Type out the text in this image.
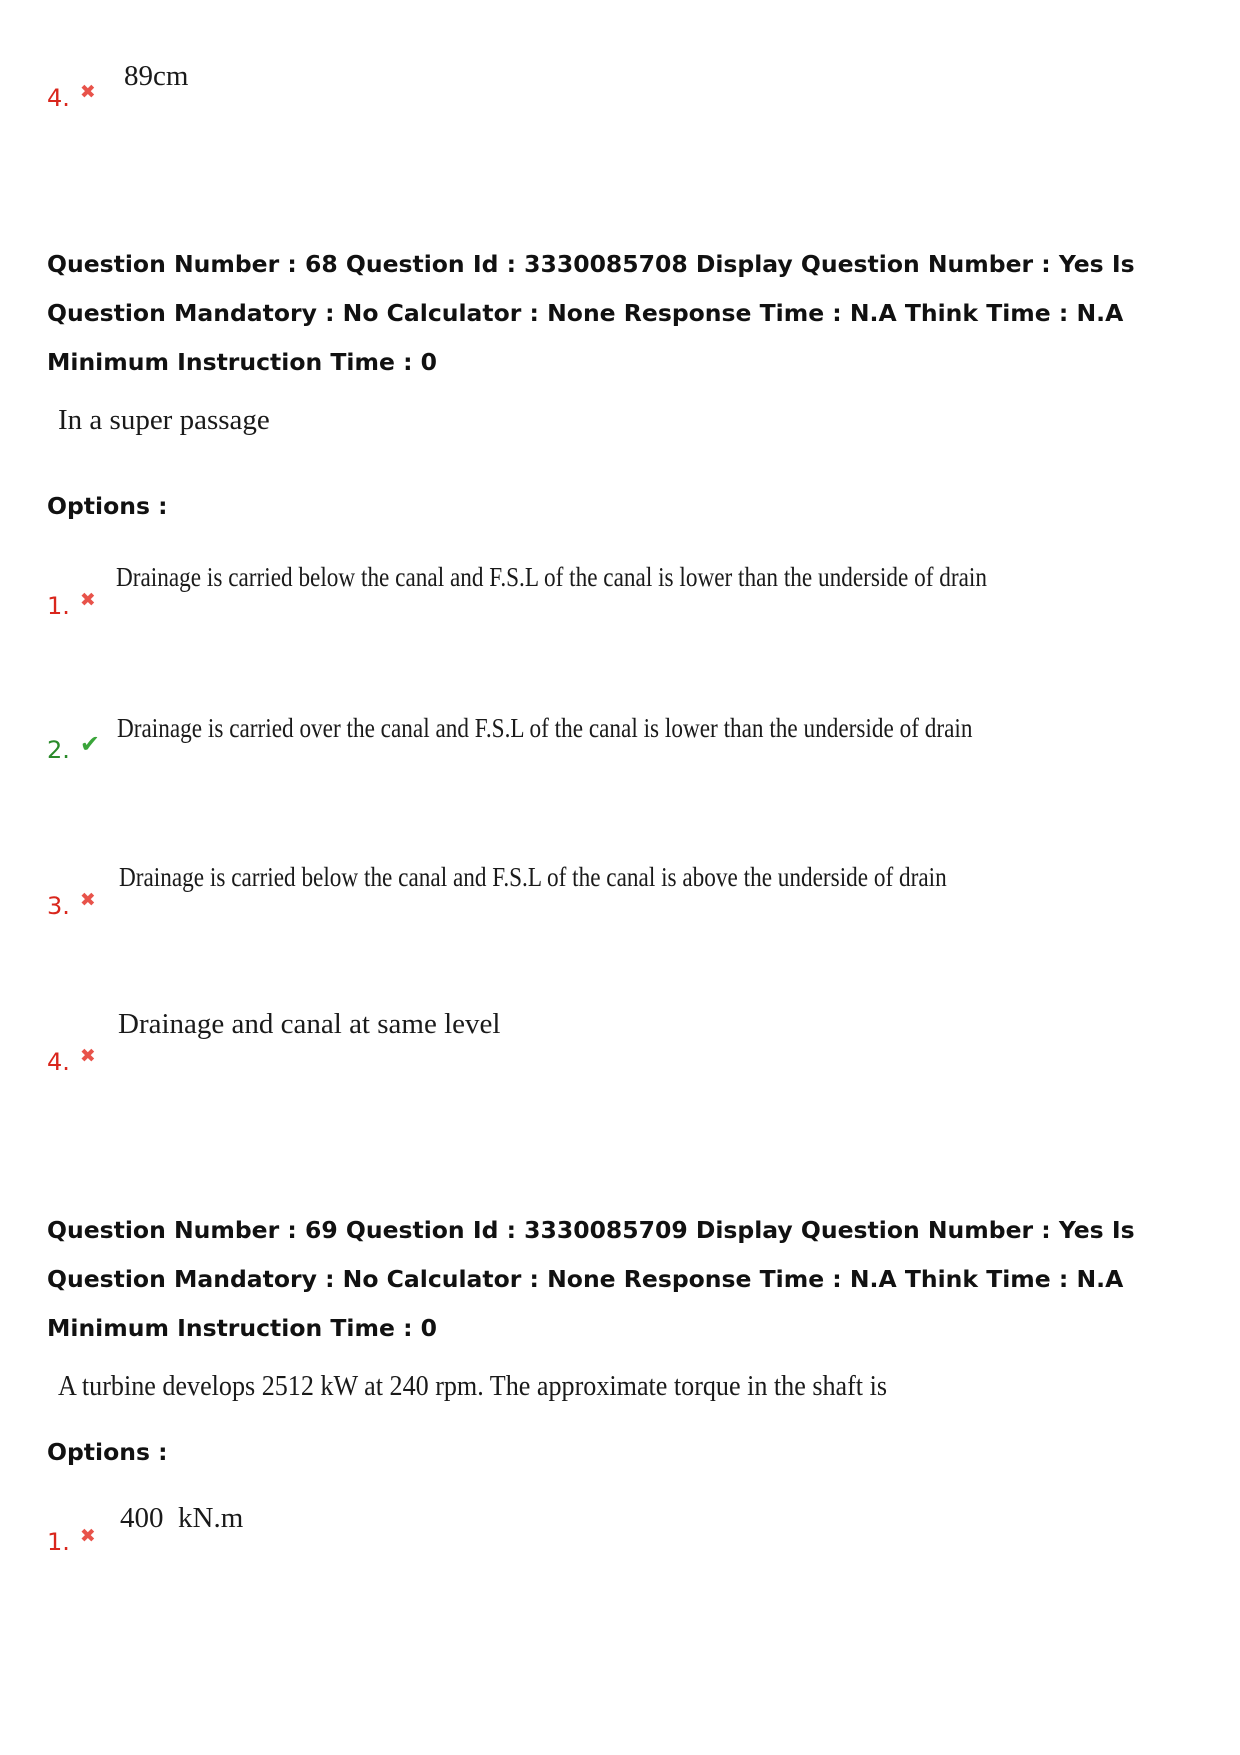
4. ✖ 89cm
Question Number : 68 Question Id : 3330085708 Display Question Number : Yes Is Question Mandatory : No Calculator : None Response Time : N.A Think Time : N.A Minimum Instruction Time : 0
In a super passage
Options :
1. ✖
Drainage is carried below the canal and F.S.L of the canal is lower than the underside of drain
2. ✔
Drainage is carried over the canal and F.S.L of the canal is lower than the underside of drain
3. ✖
Drainage is carried below the canal and F.S.L of the canal is above the underside of drain
4. ✖
Drainage and canal at same level
Question Number : 69 Question Id : 3330085709 Display Question Number : Yes Is Question Mandatory : No Calculator : None Response Time : N.A Think Time : N.A Minimum Instruction Time : 0
A turbine develops 2512 kW at 240 rpm. The approximate torque in the shaft is
Options :
1. ✖
400  kN.m
